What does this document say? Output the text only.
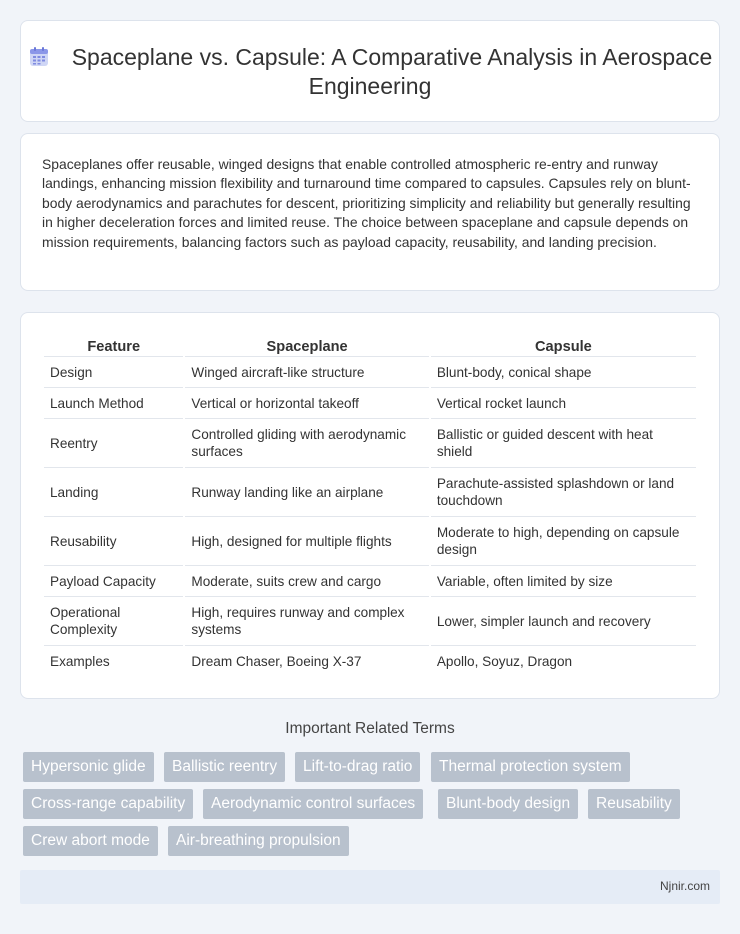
Spaceplane vs. Capsule: A Comparative Analysis in Aerospace Engineering

Spaceplanes offer reusable, winged designs that enable controlled atmospheric re-entry and runway landings, enhancing mission flexibility and turnaround time compared to capsules. Capsules rely on blunt-body aerodynamics and parachutes for descent, prioritizing simplicity and reliability but generally resulting in higher deceleration forces and limited reuse. The choice between spaceplane and capsule depends on mission requirements, balancing factors such as payload capacity, reusability, and landing precision.

Feature	Spaceplane	Capsule
Design	Winged aircraft-like structure	Blunt-body, conical shape
Launch Method	Vertical or horizontal takeoff	Vertical rocket launch
Reentry	Controlled gliding with aerodynamic surfaces	Ballistic or guided descent with heat shield
Landing	Runway landing like an airplane	Parachute-assisted splashdown or land touchdown
Reusability	High, designed for multiple flights	Moderate to high, depending on capsule design
Payload Capacity	Moderate, suits crew and cargo	Variable, often limited by size
Operational Complexity	High, requires runway and complex systems	Lower, simpler launch and recovery
Examples	Dream Chaser, Boeing X-37	Apollo, Soyuz, Dragon
Important Related Terms
Hypersonic glide	Ballistic reentry	Lift-to-drag ratio	Thermal protection system
Cross-range capability	Aerodynamic control surfaces	Blunt-body design	Reusability
Crew abort mode	Air-breathing propulsion
Njnir.com
